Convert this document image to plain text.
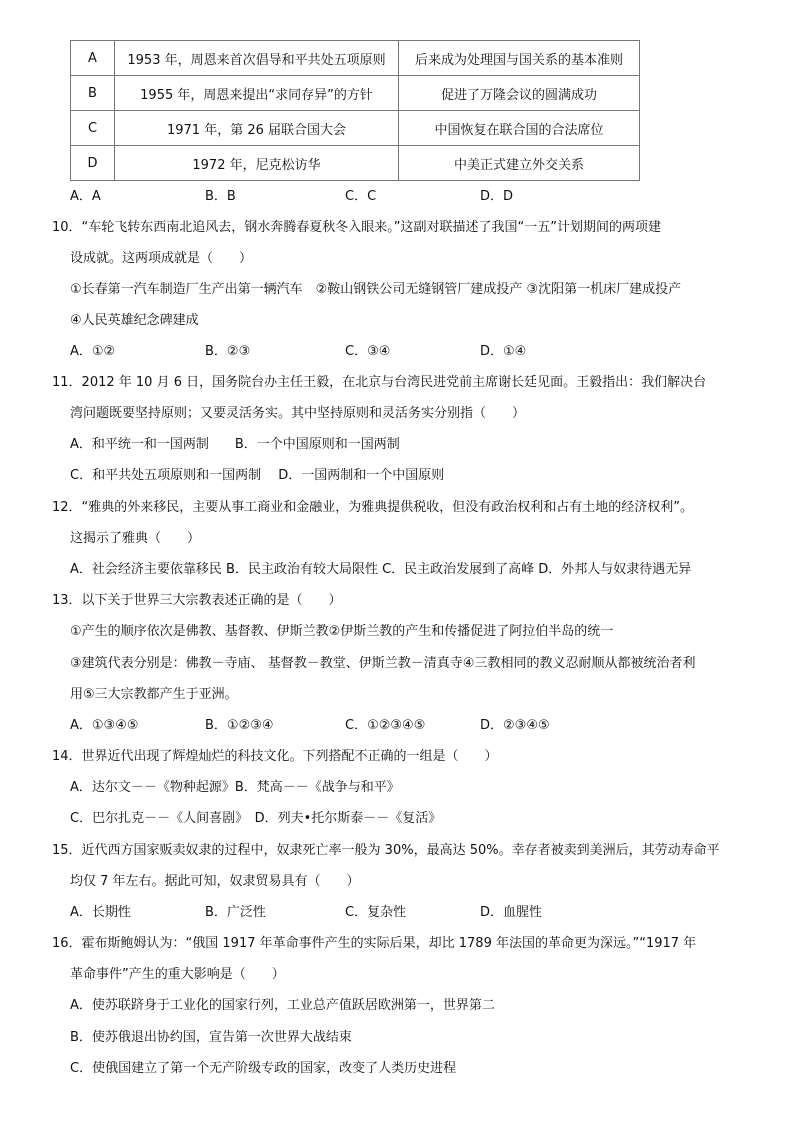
A	1953 年，周恩来首次倡导和平共处五项原则	后来成为处理国与国关系的基本准则
B	1955 年，周恩来提出“求同存异”的方针	促进了万隆会议的圆满成功
C	1971 年，第 26 届联合国大会	中国恢复在联合国的合法席位
D	1972 年，尼克松访华	中美正式建立外交关系
A．A	B．B	C．C	D．D
10．“车轮飞转东西南北追风去，钢水奔腾春夏秋冬入眼来。”这副对联描述了我国“一五”计划期间的两项建
设成就。这两项成就是（　　）
①长春第一汽车制造厂生产出第一辆汽车　②鞍山钢铁公司无缝钢管厂建成投产 ③沈阳第一机床厂建成投产
④人民英雄纪念碑建成
A．①②	B．②③	C．③④	D．①④
11．2012 年 10 月 6 日，国务院台办主任王毅，在北京与台湾民进党前主席谢长廷见面。王毅指出：我们解决台
湾问题既要坚持原则；又要灵活务实。其中坚持原则和灵活务实分别指（　　）
A．和平统一和一国两制　　B．一个中国原则和一国两制
C．和平共处五项原则和一国两制　 D．一国两制和一个中国原则
12．“雅典的外来移民，主要从事工商业和金融业，为雅典提供税收，但没有政治权利和占有土地的经济权利”。
这揭示了雅典（　　）
A．社会经济主要依靠移民 B．民主政治有较大局限性 C．民主政治发展到了高峰 D．外邦人与奴隶待遇无异
13．以下关于世界三大宗教表述正确的是（　　）
①产生的顺序依次是佛教、基督教、伊斯兰教②伊斯兰教的产生和传播促进了阿拉伯半岛的统一
③建筑代表分别是：佛教－寺庙、 基督教－教堂、伊斯兰教－清真寺④三教相同的教义忍耐顺从都被统治者利
用⑤三大宗教都产生于亚洲。
A．①③④⑤	B．①②③④	C．①②③④⑤	D．②③④⑤
14．世界近代出现了辉煌灿烂的科技文化。下列搭配不正确的一组是（　　）
A．达尔文－－《物种起源》B．梵高－－《战争与和平》
C．巴尔扎克－－《人间喜剧》　D．列夫•托尔斯泰－－《复活》
15．近代西方国家贩卖奴隶的过程中，奴隶死亡率一般为 30%，最高达 50%。幸存者被卖到美洲后，其劳动寿命平
均仅 7 年左右。据此可知，奴隶贸易具有（　　）
A．长期性	B．广泛性	C．复杂性	D．血腥性
16．霍布斯鲍姆认为：“俄国 1917 年革命事件产生的实际后果，却比 1789 年法国的革命更为深远。”“1917 年
革命事件”产生的重大影响是（　　）
A．使苏联跻身于工业化的国家行列，工业总产值跃居欧洲第一，世界第二
B．使苏俄退出协约国，宣告第一次世界大战结束
C．使俄国建立了第一个无产阶级专政的国家，改变了人类历史进程
